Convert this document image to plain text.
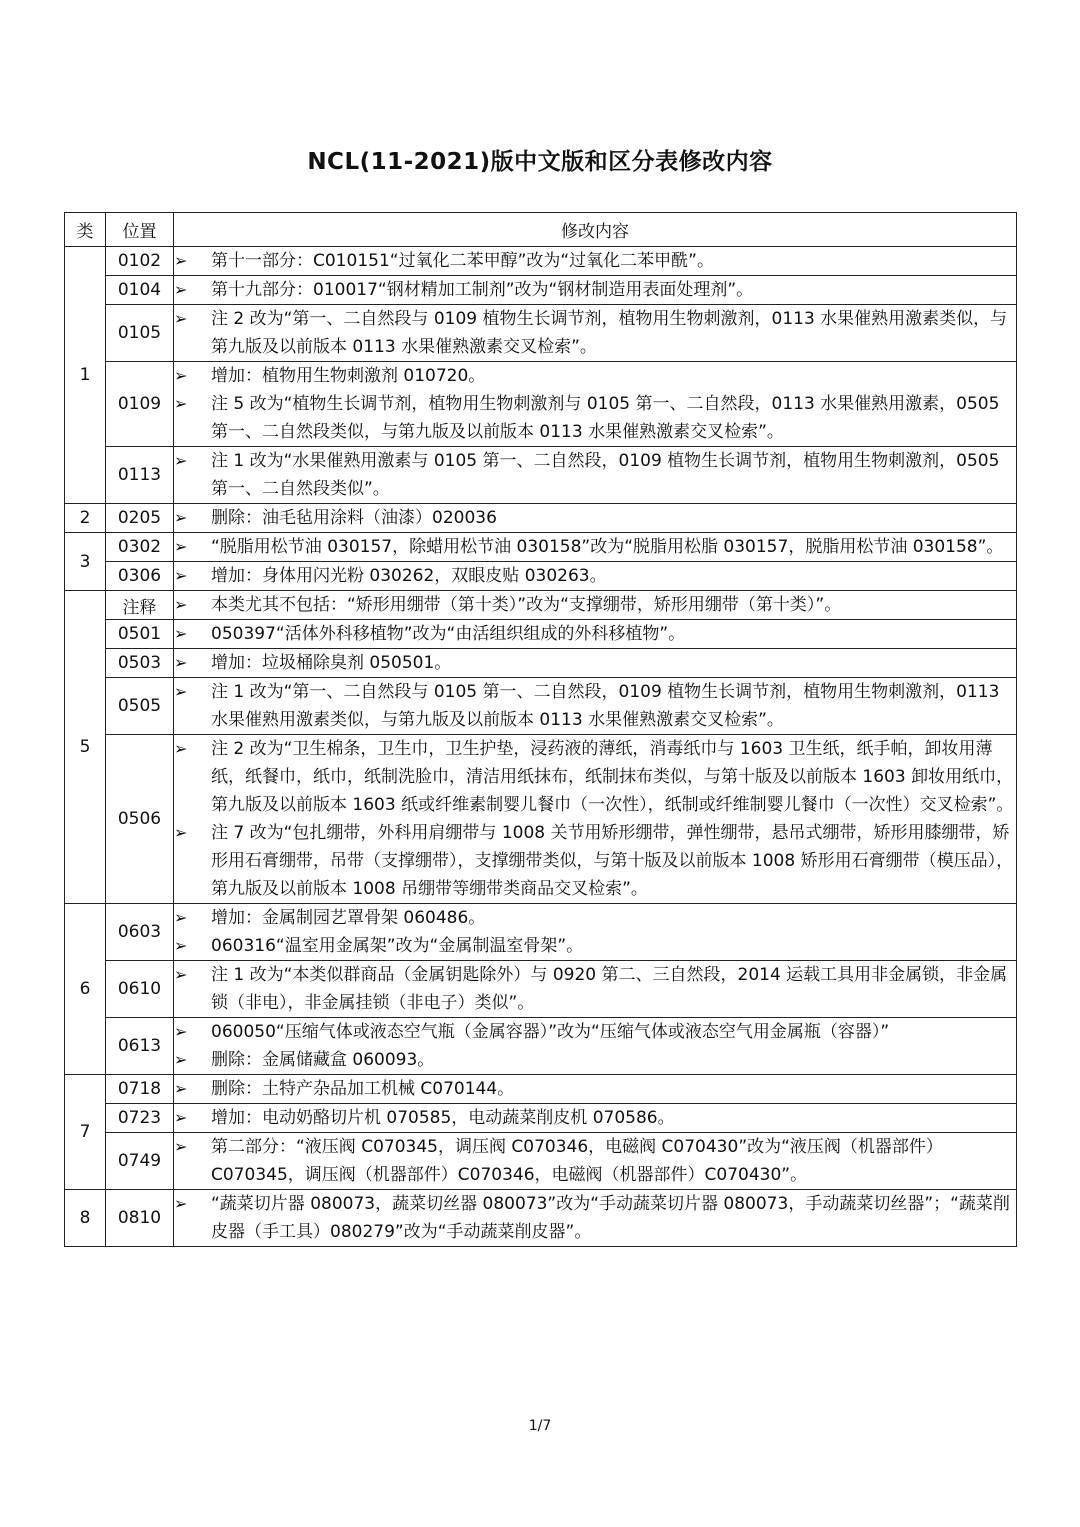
NCL(11-2021)版中文版和区分表修改内容
类	位置	修改内容
1	0102	➢ 第十一部分：C010151“过氧化二苯甲醇”改为“过氧化二苯甲酰”。

	0104	➢ 第十九部分：010017“钢材精加工制剂”改为“钢材制造用表面处理剂”。

	0105	➢ 注 2 改为“第一、二自然段与 0109 植物生长调节剂，植物用生物刺激剂，0113 水果催熟用激素类似，与第九版及以前版本 0113 水果催熟激素交叉检索”。

	0109	➢ 增加：植物用生物刺激剂 010720。
➢ 注 5 改为“植物生长调节剂，植物用生物刺激剂与 0105 第一、二自然段，0113 水果催熟用激素，0505 第一、二自然段类似，与第九版及以前版本 0113 水果催熟激素交叉检索”。

	0113	➢ 注 1 改为“水果催熟用激素与 0105 第一、二自然段，0109 植物生长调节剂，植物用生物刺激剂，0505 第一、二自然段类似”。

2	0205	➢ 删除：油毛毡用涂料（油漆）020036

3	0302	➢ “脱脂用松节油 030157，除蜡用松节油 030158”改为“脱脂用松脂 030157，脱脂用松节油 030158”。

	0306	➢ 增加：身体用闪光粉 030262，双眼皮贴 030263。

5	注释	➢ 本类尤其不包括：“矫形用绷带（第十类）”改为“支撑绷带，矫形用绷带（第十类）”。

	0501	➢ 050397“活体外科移植物”改为“由活组织组成的外科移植物”。

	0503	➢ 增加：垃圾桶除臭剂 050501。

	0505	➢ 注 1 改为“第一、二自然段与 0105 第一、二自然段，0109 植物生长调节剂，植物用生物刺激剂，0113 水果催熟用激素类似，与第九版及以前版本 0113 水果催熟激素交叉检索”。

	0506	➢ 注 2 改为“卫生棉条，卫生巾，卫生护垫，浸药液的薄纸，消毒纸巾与 1603 卫生纸，纸手帕，卸妆用薄纸，纸餐巾，纸巾，纸制洗脸巾，清洁用纸抹布，纸制抹布类似，与第十版及以前版本 1603 卸妆用纸巾，第九版及以前版本 1603 纸或纤维素制婴儿餐巾（一次性），纸制或纤维制婴儿餐巾（一次性）交叉检索”。
➢ 注 7 改为“包扎绷带，外科用肩绷带与 1008 关节用矫形绷带，弹性绷带，悬吊式绷带，矫形用膝绷带，矫形用石膏绷带，吊带（支撑绷带），支撑绷带类似，与第十版及以前版本 1008 矫形用石膏绷带（模压品），第九版及以前版本 1008 吊绷带等绷带类商品交叉检索”。

6	0603	➢ 增加：金属制园艺罩骨架 060486。
➢ 060316“温室用金属架”改为“金属制温室骨架”。

	0610	➢ 注 1 改为“本类似群商品（金属钥匙除外）与 0920 第二、三自然段，2014 运载工具用非金属锁，非金属锁（非电），非金属挂锁（非电子）类似”。

	0613	➢ 060050“压缩气体或液态空气瓶（金属容器）”改为“压缩气体或液态空气用金属瓶（容器）”
➢ 删除：金属储藏盒 060093。

7	0718	➢ 删除：土特产杂品加工机械 C070144。

	0723	➢ 增加：电动奶酪切片机 070585，电动蔬菜削皮机 070586。

	0749	➢ 第二部分：“液压阀 C070345，调压阀 C070346，电磁阀 C070430”改为“液压阀（机器部件）C070345，调压阀（机器部件）C070346，电磁阀（机器部件）C070430”。

8	0810	➢ “蔬菜切片器 080073，蔬菜切丝器 080073”改为“手动蔬菜切片器 080073，手动蔬菜切丝器”；“蔬菜削皮器（手工具）080279”改为“手动蔬菜削皮器”。
1/7
